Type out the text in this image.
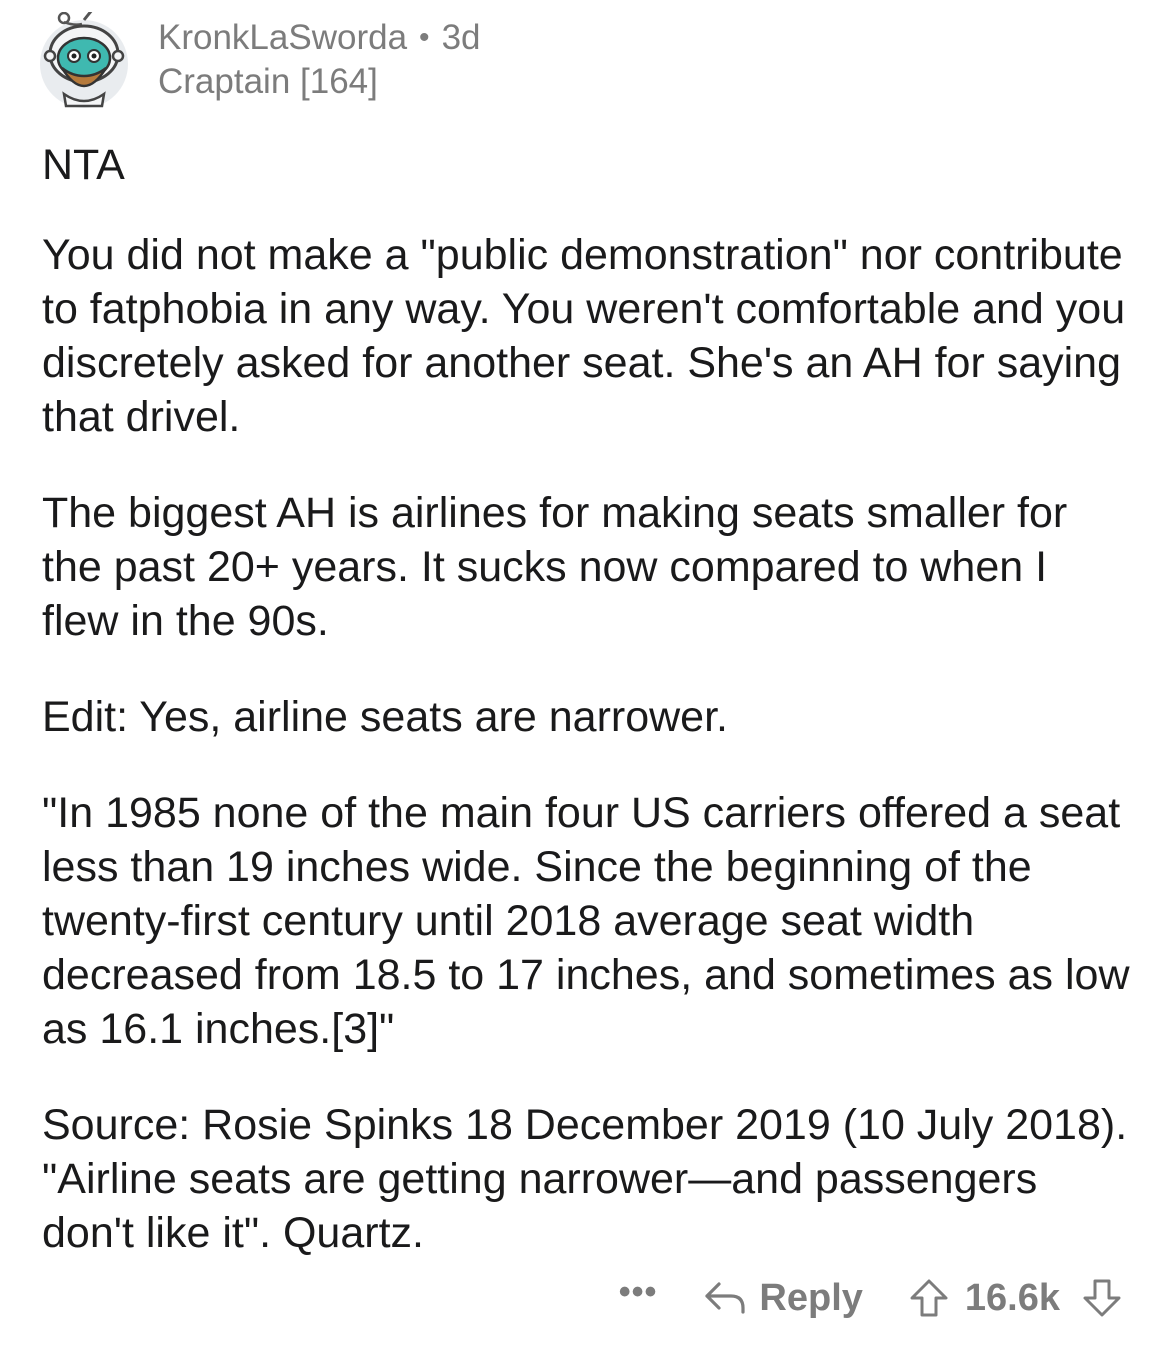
KronkLaSworda • 3d
Craptain [164]

NTA

You did not make a "public demonstration" nor contribute to fatphobia in any way. You weren't comfortable and you discretely asked for another seat. She's an AH for saying that drivel.

The biggest AH is airlines for making seats smaller for the past 20+ years. It sucks now compared to when I flew in the 90s.

Edit: Yes, airline seats are narrower.

"In 1985 none of the main four US carriers offered a seat less than 19 inches wide. Since the beginning of the twenty-first century until 2018 average seat width decreased from 18.5 to 17 inches, and sometimes as low as 16.1 inches.[3]"

Source: Rosie Spinks 18 December 2019 (10 July 2018). "Airline seats are getting narrower—and passengers don't like it". Quartz.

•••	Reply	16.6k
